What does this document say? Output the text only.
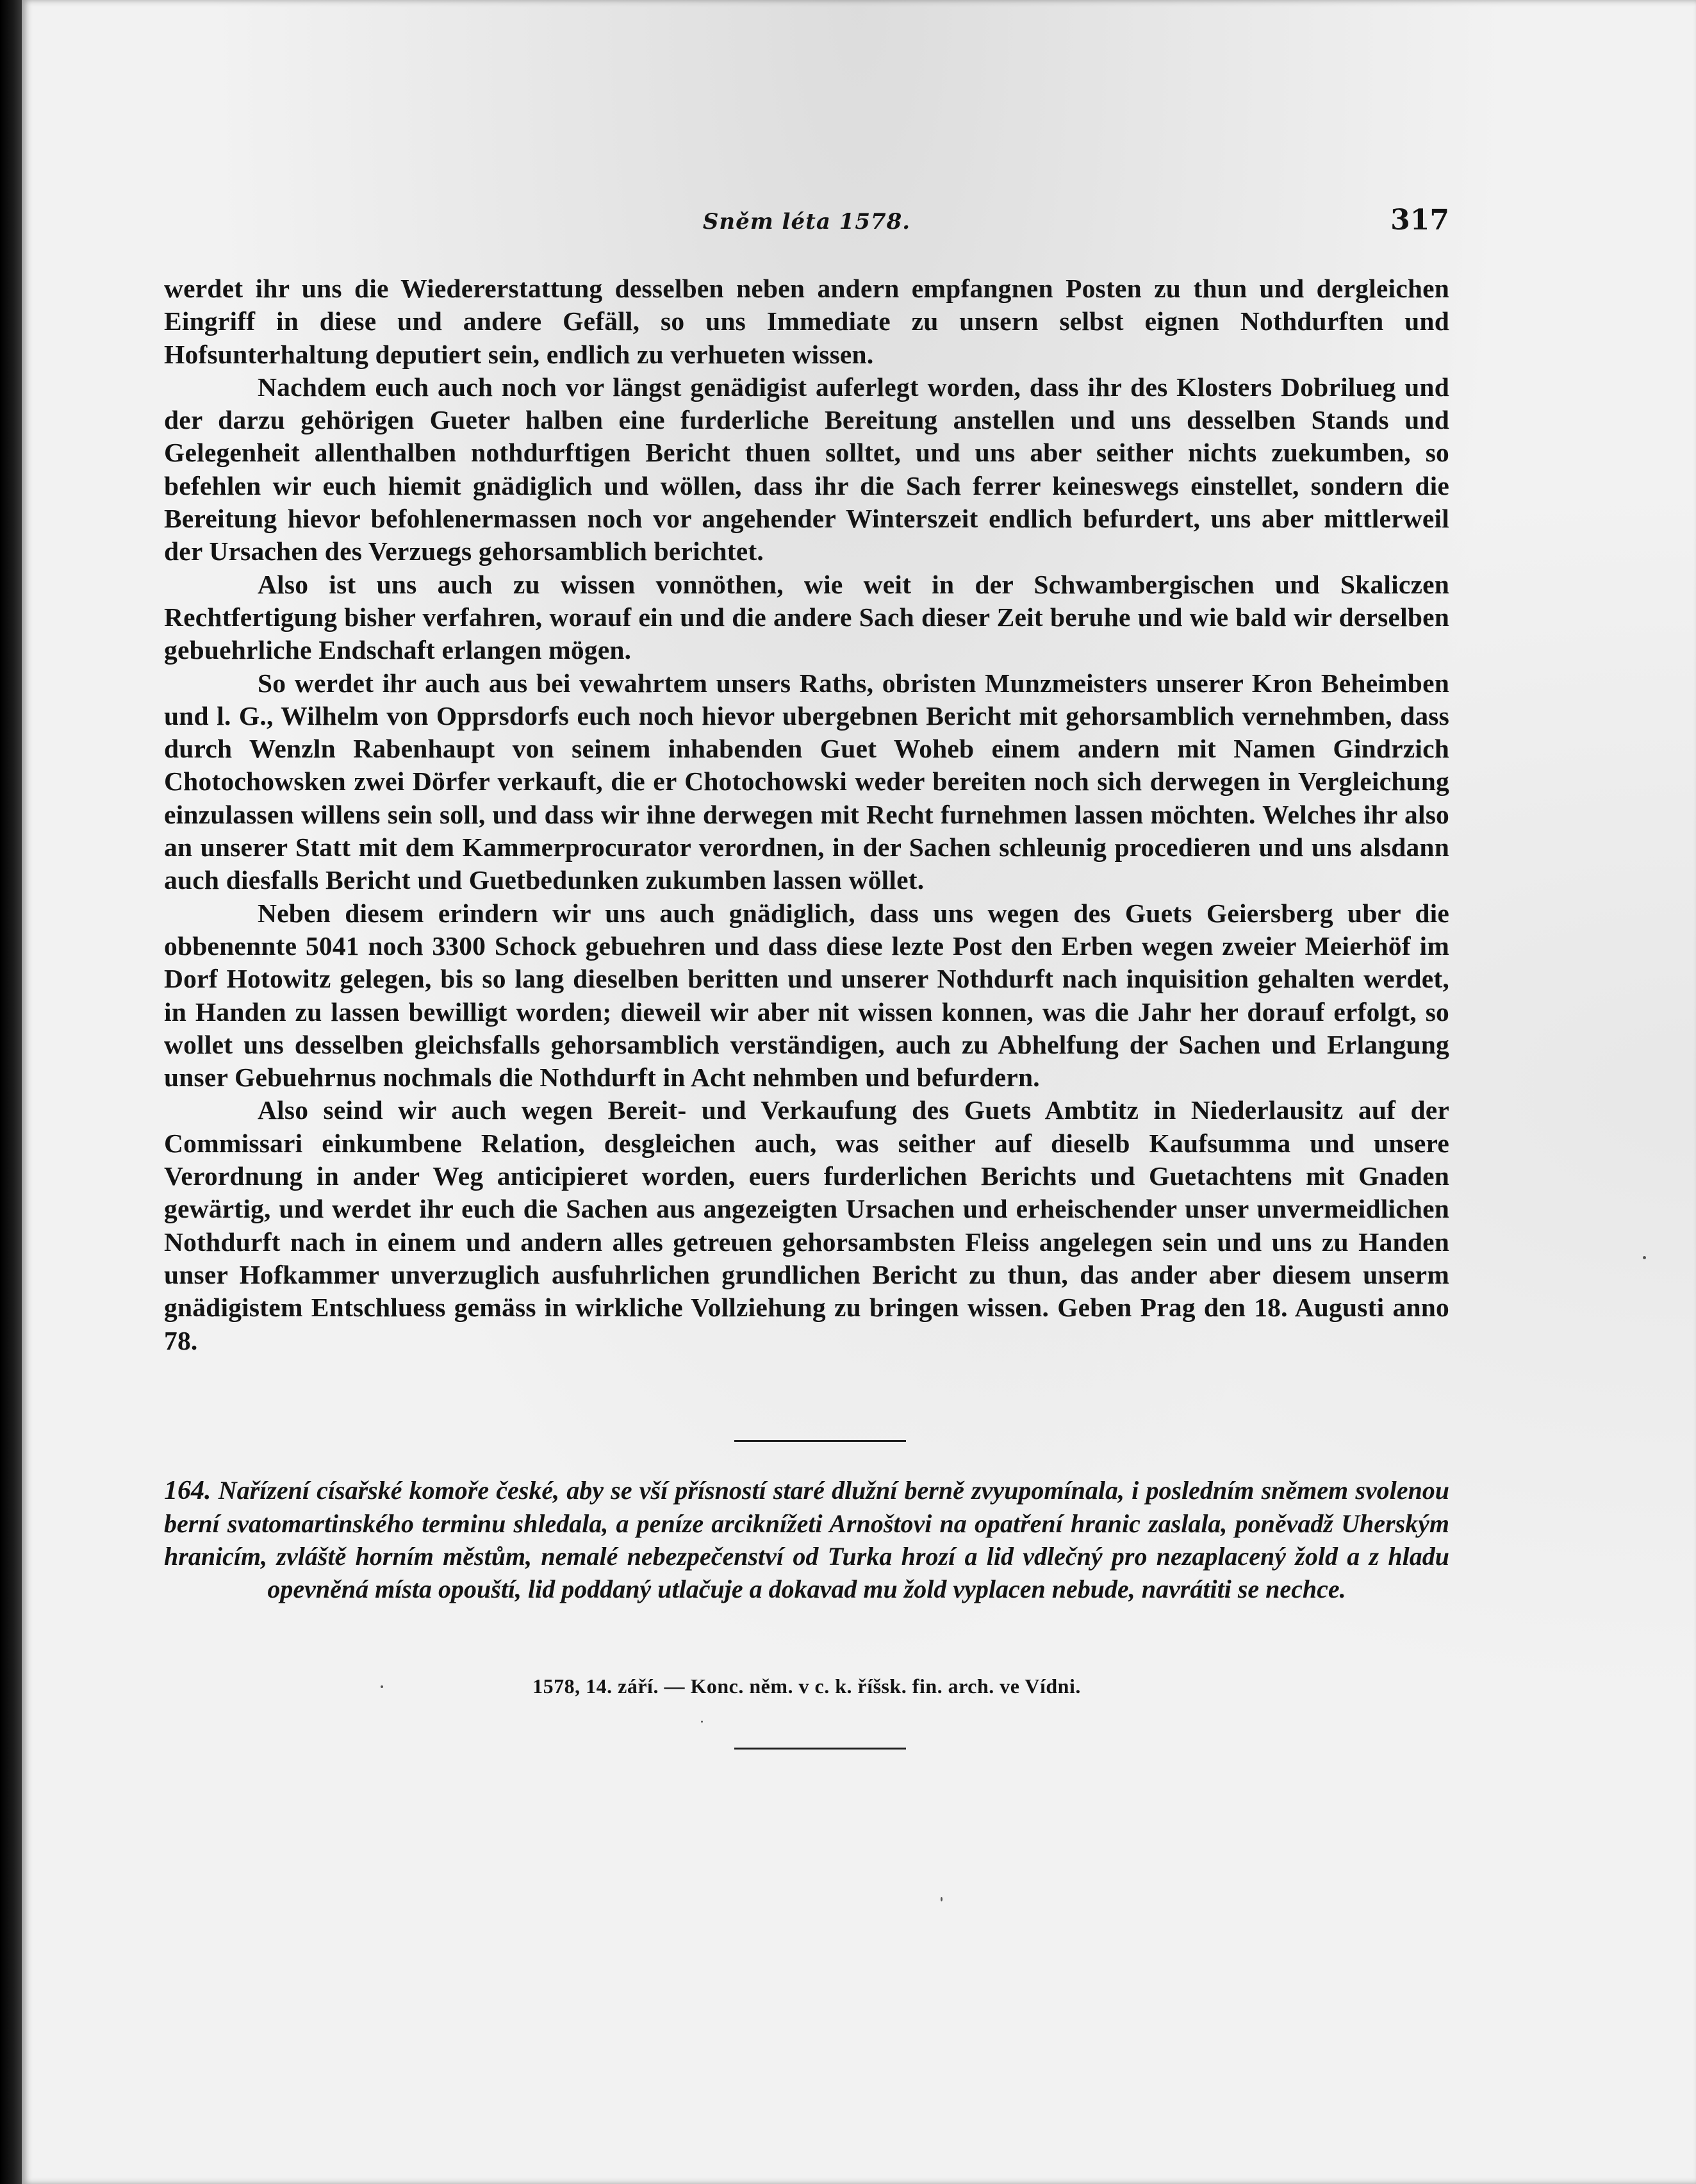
Sněm léta 1578.	317

werdet ihr uns die Wiedererstattung desselben neben andern empfangnen Posten zu thun und dergleichen Eingriff in diese und andere Gefäll, so uns Immediate zu unsern selbst eignen Nothdurften und Hofsunterhaltung deputiert sein, endlich zu verhueten wissen.

Nachdem euch auch noch vor längst genädigist auferlegt worden, dass ihr des Klosters Dobrilueg und der darzu gehörigen Gueter halben eine furderliche Bereitung anstellen und uns desselben Stands und Gelegenheit allenthalben nothdurftigen Bericht thuen solltet, und uns aber seither nichts zuekumben, so befehlen wir euch hiemit gnädiglich und wöllen, dass ihr die Sach ferrer keineswegs einstellet, sondern die Bereitung hievor befohlenermassen noch vor angehender Winterszeit endlich befurdert, uns aber mittlerweil der Ursachen des Verzuegs gehorsamblich berichtet.

Also ist uns auch zu wissen vonnöthen, wie weit in der Schwambergischen und Skaliczen Rechtfertigung bisher verfahren, worauf ein und die andere Sach dieser Zeit beruhe und wie bald wir derselben gebuehrliche Endschaft erlangen mögen.

So werdet ihr auch aus bei vewahrtem unsers Raths, obristen Munzmeisters unserer Kron Beheimben und l. G., Wilhelm von Opprsdorfs euch noch hievor ubergebnen Bericht mit gehorsamblich vernehmben, dass durch Wenzln Rabenhaupt von seinem inhabenden Guet Woheb einem andern mit Namen Gindrzich Chotochowsken zwei Dörfer verkauft, die er Chotochowski weder bereiten noch sich derwegen in Vergleichung einzulassen willens sein soll, und dass wir ihne derwegen mit Recht furnehmen lassen möchten. Welches ihr also an unserer Statt mit dem Kammerprocurator verordnen, in der Sachen schleunig procedieren und uns alsdann auch diesfalls Bericht und Guetbedunken zukumben lassen wöllet.

Neben diesem erindern wir uns auch gnädiglich, dass uns wegen des Guets Geiersberg uber die obbenennte 5041 noch 3300 Schock gebuehren und dass diese lezte Post den Erben wegen zweier Meierhöf im Dorf Hotowitz gelegen, bis so lang dieselben beritten und unserer Nothdurft nach inquisition gehalten werdet, in Handen zu lassen bewilligt worden; dieweil wir aber nit wissen konnen, was die Jahr her dorauf erfolgt, so wollet uns desselben gleichsfalls gehorsamblich verständigen, auch zu Abhelfung der Sachen und Erlangung unser Gebuehrnus nochmals die Nothdurft in Acht nehmben und befurdern.

Also seind wir auch wegen Bereit- und Verkaufung des Guets Ambtitz in Niederlausitz auf der Commissari einkumbene Relation, desgleichen auch, was seither auf dieselb Kaufsumma und unsere Verordnung in ander Weg anticipieret worden, euers furderlichen Berichts und Guetachtens mit Gnaden gewärtig, und werdet ihr euch die Sachen aus angezeigten Ursachen und erheischender unser unvermeidlichen Nothdurft nach in einem und andern alles getreuen gehorsambsten Fleiss angelegen sein und uns zu Handen unser Hofkammer unverzuglich ausfuhrlichen grundlichen Bericht zu thun, das ander aber diesem unserm gnädigistem Entschluess gemäss in wirkliche Vollziehung zu bringen wissen. Geben Prag den 18. Augusti anno 78.

164. Nařízení císařské komoře české, aby se vší přísností staré dlužní berně zvyupomínala, i posledním sněmem svolenou berní svatomartinského terminu shledala, a peníze arciknížeti Arnoštovi na opatření hranic zaslala, poněvadž Uherským hranicím, zvláště horním městům, nemalé nebezpečenství od Turka hrozí a lid vdlečný pro nezaplacený žold a z hladu opevněná místa opouští, lid poddaný utlačuje a dokavad mu žold vyplacen nebude, navrátiti se nechce.
1578, 14. září. — Konc. něm. v c. k. říšsk. fin. arch. ve Vídni.
